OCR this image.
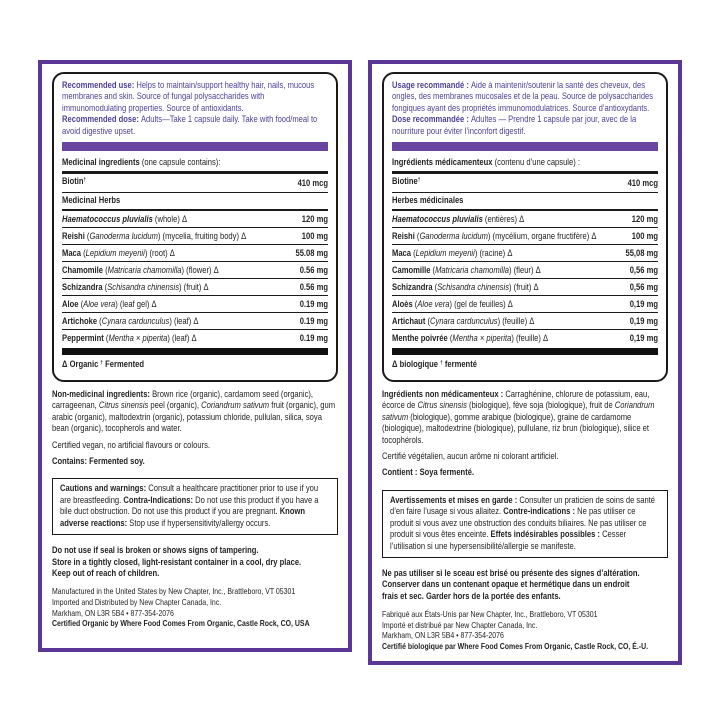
Recommended use: Helps to maintain/support healthy hair, nails, mucous membranes and skin. Source of fungal polysaccharides with immunomodulating properties. Source of antioxidants.

Recommended dose: Adults—Take 1 capsule daily. Take with food/meal to avoid digestive upset.

Medicinal ingredients (one capsule contains):
Biotin†	410 mcg
Medicinal Herbs
Haematococcus pluvialis (whole) Δ	120 mg
Reishi (Ganoderma lucidum) (mycelia, fruiting body) Δ	100 mg
Maca (Lepidium meyenii) (root) Δ	55.08 mg
Chamomile (Matricaria chamomilla) (flower) Δ	0.56 mg
Schizandra (Schisandra chinensis) (fruit) Δ	0.56 mg
Aloe (Aloe vera) (leaf gel) Δ	0.19 mg
Artichoke (Cynara cardunculus) (leaf) Δ	0.19 mg
Peppermint (Mentha × piperita) (leaf) Δ	0.19 mg
Δ Organic † Fermented

Non-medicinal ingredients: Brown rice (organic), cardamom seed (organic), carrageenan, Citrus sinensis peel (organic), Coriandrum sativum fruit (organic), gum arabic (organic), maltodextrin (organic), potassium chloride, pullulan, silica, soya bean (organic), tocopherols and water.

Certified vegan, no artificial flavours or colours.

Contains: Fermented soy.

Cautions and warnings: Consult a healthcare practitioner prior to use if you are breastfeeding. Contra-Indications: Do not use this product if you have a bile duct obstruction. Do not use this product if you are pregnant. Known adverse reactions: Stop use if hypersensitivity/allergy occurs.

Do not use if seal is broken or shows signs of tampering.
Store in a tightly closed, light-resistant container in a cool, dry place.
Keep out of reach of children.
Manufactured in the United States by New Chapter, Inc., Brattleboro, VT 05301
Imported and Distributed by New Chapter Canada, Inc.
Markham, ON L3R 5B4 • 877-354-2076
Certified Organic by Where Food Comes From Organic, Castle Rock, CO, USA

Usage recommandé : Aide à maintenir/soutenir la santé des cheveux, des ongles, des membranes mucosales et de la peau. Source de polysaccharides fongiques ayant des propriétés immunomodulatrices. Source d’antioxydants.

Dose recommandée : Adultes — Prendre 1 capsule par jour, avec de la nourriture pour éviter l’inconfort digestif.

Ingrédients médicamenteux (contenu d’une capsule) :
Biotine†	410 mcg
Herbes médicinales
Haematococcus pluvialis (entières) Δ	120 mg
Reishi (Ganoderma lucidum) (mycélium, organe fructifère) Δ	100 mg
Maca (Lepidium meyenii) (racine) Δ	55,08 mg
Camomille (Matricaria chamomilla) (fleur) Δ	0,56 mg
Schizandra (Schisandra chinensis) (fruit) Δ	0,56 mg
Aloès (Aloe vera) (gel de feuilles) Δ	0,19 mg
Artichaut (Cynara cardunculus) (feuille) Δ	0,19 mg
Menthe poivrée (Mentha × piperita) (feuille) Δ	0,19 mg
Δ biologique † fermenté

Ingrédients non médicamenteux : Carraghénine, chlorure de potassium, eau, écorce de Citrus sinensis (biologique), fève soja (biologique), fruit de Coriandrum sativum (biologique), gomme arabique (biologique), graine de cardamome (biologique), maltodextrine (biologique), pullulane, riz brun (biologique), silice et tocophérols.

Certifié végétalien, aucun arôme ni colorant artificiel.

Contient : Soya fermenté.

Avertissements et mises en garde : Consulter un praticien de soins de santé d’en faire l’usage si vous allaitez. Contre-indications : Ne pas utiliser ce produit si vous avez une obstruction des conduits biliaires. Ne pas utiliser ce produit si vous êtes enceinte. Effets indésirables possibles : Cesser l’utilisation si une hypersensibilité/allergie se manifeste.

Ne pas utiliser si le sceau est brisé ou présente des signes d’altération.
Conserver dans un contenant opaque et hermétique dans un endroit
frais et sec. Garder hors de la portée des enfants.
Fabriqué aux États-Unis par New Chapter, Inc., Brattleboro, VT 05301
Importé et distribué par New Chapter Canada, Inc.
Markham, ON L3R 5B4 • 877-354-2076
Certifié biologique par Where Food Comes From Organic, Castle Rock, CO, É.-U.
